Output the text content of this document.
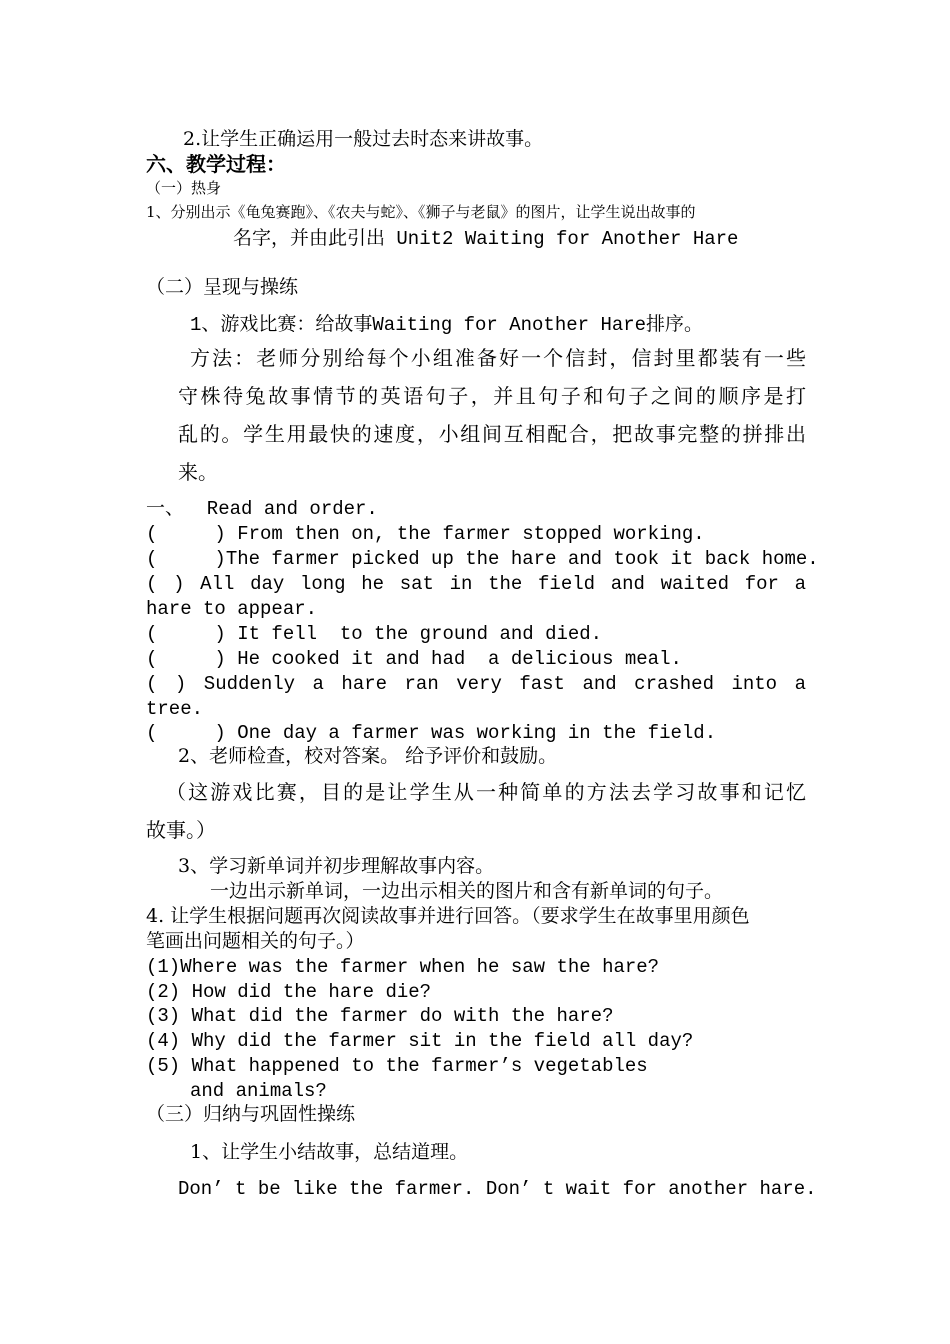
2.让学生正确运用一般过去时态来讲故事。
六、教学过程：
（一）热身
1、分别出示《龟兔赛跑》、《农夫与蛇》、《狮子与老鼠》的图片，让学生说出故事的
名字，并由此引出 Unit2 Waiting for Another Hare
（二）呈现与操练
1、游戏比赛：给故事Waiting for Another Hare排序。
方法：老师分别给每个小组准备好一个信封，信封里都装有一些
守株待兔故事情节的英语句子，并且句子和句子之间的顺序是打
乱的。学生用最快的速度，小组间互相配合，把故事完整的拼排出
来。
一、  Read and order.
(     ) From then on, the farmer stopped working.
(     )The farmer picked up the hare and took it back home.
( ) All day long he sat in the field and waited for a
hare to appear.
(     ) It fell  to the ground and died.
(     ) He cooked it and had  a delicious meal.
( ) Suddenly a hare ran very fast and crashed into a
tree.
(     ) One day a farmer was working in the field.
2、老师检查，校对答案。 给予评价和鼓励。
（这游戏比赛，目的是让学生从一种简单的方法去学习故事和记忆
故事。）
3、学习新单词并初步理解故事内容。
一边出示新单词，一边出示相关的图片和含有新单词的句子。
4. 让学生根据问题再次阅读故事并进行回答。（要求学生在故事里用颜色
笔画出问题相关的句子。）
(1)Where was the farmer when he saw the hare?
(2) How did the hare die?
(3) What did the farmer do with the hare?
(4) Why did the farmer sit in the field all day?
(5) What happened to the farmer’s vegetables
and animals?
（三）归纳与巩固性操练
1、让学生小结故事，总结道理。
Don’ t be like the farmer. Don’ t wait for another hare.
